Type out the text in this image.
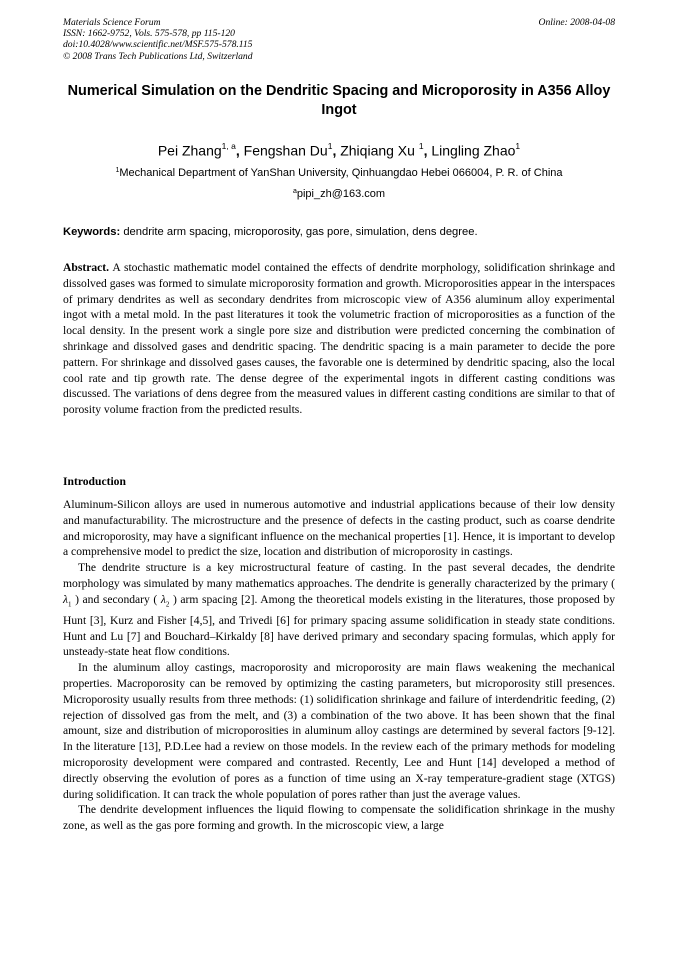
Materials Science Forum
ISSN: 1662-9752, Vols. 575-578, pp 115-120
doi:10.4028/www.scientific.net/MSF.575-578.115
© 2008 Trans Tech Publications Ltd, Switzerland
Online: 2008-04-08
Numerical Simulation on the Dendritic Spacing and Microporosity in A356 Alloy Ingot
Pei Zhang$^{1, a}$, Fengshan Du$^1$, Zhiqiang Xu $^1$, Lingling Zhao$^1$
$^1$Mechanical Department of YanShan University, Qinhuangdao Hebei 066004, P. R. of China
$^a$pipi_zh@163.com
Keywords: dendrite arm spacing, microporosity, gas pore, simulation, dens degree.

Abstract. A stochastic mathematic model contained the effects of dendrite morphology, solidification shrinkage and dissolved gases was formed to simulate microporosity formation and growth. Microporosities appear in the interspaces of primary dendrites as well as secondary dendrites from microscopic view of A356 aluminum alloy experimental ingot with a metal mold. In the past literatures it took the volumetric fraction of microporosities as a function of the local density. In the present work a single pore size and distribution were predicted concerning the combination of shrinkage and dissolved gases and dendritic spacing. The dendritic spacing is a main parameter to decide the pore pattern. For shrinkage and dissolved gases causes, the favorable one is determined by dendritic spacing, also the local cool rate and tip growth rate. The dense degree of the experimental ingots in different casting conditions was discussed. The variations of dens degree from the measured values in different casting conditions are similar to that of porosity volume fraction from the predicted results.

Introduction

Aluminum-Silicon alloys are used in numerous automotive and industrial applications because of their low density and manufacturability. The microstructure and the presence of defects in the casting product, such as coarse dendrite and microporosity, may have a significant influence on the mechanical properties [1]. Hence, it is important to develop a comprehensive model to predict the size, location and distribution of microporosity in castings.

The dendrite structure is a key microstructural feature of casting. In the past several decades, the dendrite morphology was simulated by many mathematics approaches. The dendrite is generally characterized by the primary ( $\lambda_1$ ) and secondary ( $\lambda_2$ ) arm spacing [2]. Among the theoretical models existing in the literatures, those proposed by Hunt [3], Kurz and Fisher [4,5], and Trivedi [6] for primary spacing assume solidification in steady state conditions. Hunt and Lu [7] and Bouchard–Kirkaldy [8] have derived primary and secondary spacing formulas, which apply for unsteady-state heat flow conditions.

In the aluminum alloy castings, macroporosity and microporosity are main flaws weakening the mechanical properties. Macroporosity can be removed by optimizing the casting parameters, but microporosity still presences. Microporosity usually results from three methods: (1) solidification shrinkage and failure of interdendritic feeding, (2) rejection of dissolved gas from the melt, and (3) a combination of the two above. It has been shown that the final amount, size and distribution of microporosities in aluminum alloy castings are determined by several factors [9-12]. In the literature [13], P.D.Lee had a review on those models. In the review each of the primary methods for modeling microporosity development were compared and contrasted. Recently, Lee and Hunt [14] developed a method of directly observing the evolution of pores as a function of time using an X-ray temperature-gradient stage (XTGS) during solidification. It can track the whole population of pores rather than just the average values.

The dendrite development influences the liquid flowing to compensate the solidification shrinkage in the mushy zone, as well as the gas pore forming and growth. In the microscopic view, a large
